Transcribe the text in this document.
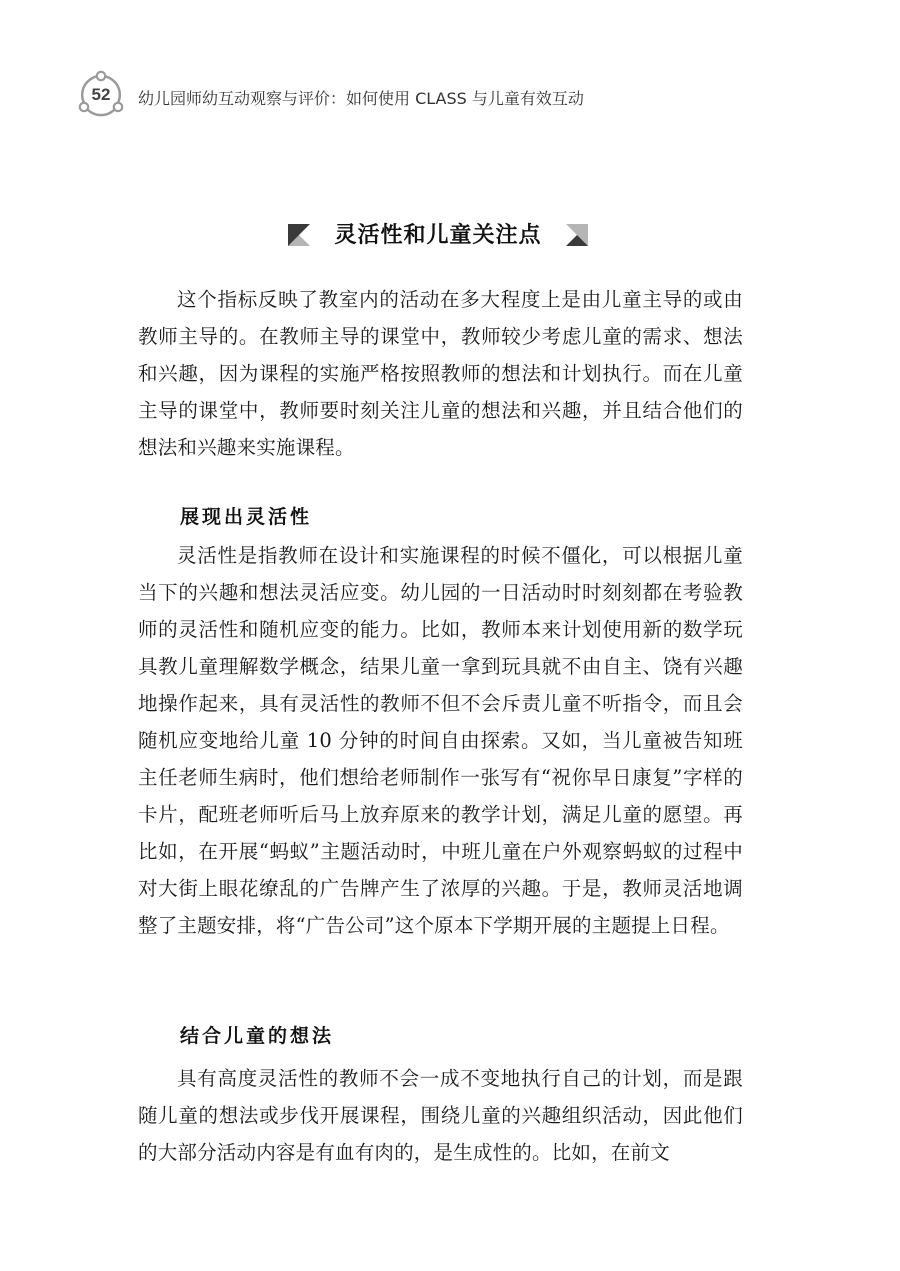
52	幼儿园师幼互动观察与评价：如何使用 CLASS 与儿童有效互动
灵活性和儿童关注点

这个指标反映了教室内的活动在多大程度上是由儿童主导的或由教师主导的。在教师主导的课堂中，教师较少考虑儿童的需求、想法和兴趣，因为课程的实施严格按照教师的想法和计划执行。而在儿童主导的课堂中，教师要时刻关注儿童的想法和兴趣，并且结合他们的想法和兴趣来实施课程。

展现出灵活性

灵活性是指教师在设计和实施课程的时候不僵化，可以根据儿童当下的兴趣和想法灵活应变。幼儿园的一日活动时时刻刻都在考验教师的灵活性和随机应变的能力。比如，教师本来计划使用新的数学玩具教儿童理解数学概念，结果儿童一拿到玩具就不由自主、饶有兴趣地操作起来，具有灵活性的教师不但不会斥责儿童不听指令，而且会随机应变地给儿童 10 分钟的时间自由探索。又如，当儿童被告知班主任老师生病时，他们想给老师制作一张写有“祝你早日康复”字样的卡片，配班老师听后马上放弃原来的教学计划，满足儿童的愿望。再比如，在开展“蚂蚁”主题活动时，中班儿童在户外观察蚂蚁的过程中对大街上眼花缭乱的广告牌产生了浓厚的兴趣。于是，教师灵活地调整了主题安排，将“广告公司”这个原本下学期开展的主题提上日程。

结合儿童的想法

具有高度灵活性的教师不会一成不变地执行自己的计划，而是跟随儿童的想法或步伐开展课程，围绕儿童的兴趣组织活动，因此他们的大部分活动内容是有血有肉的，是生成性的。比如，在前文
